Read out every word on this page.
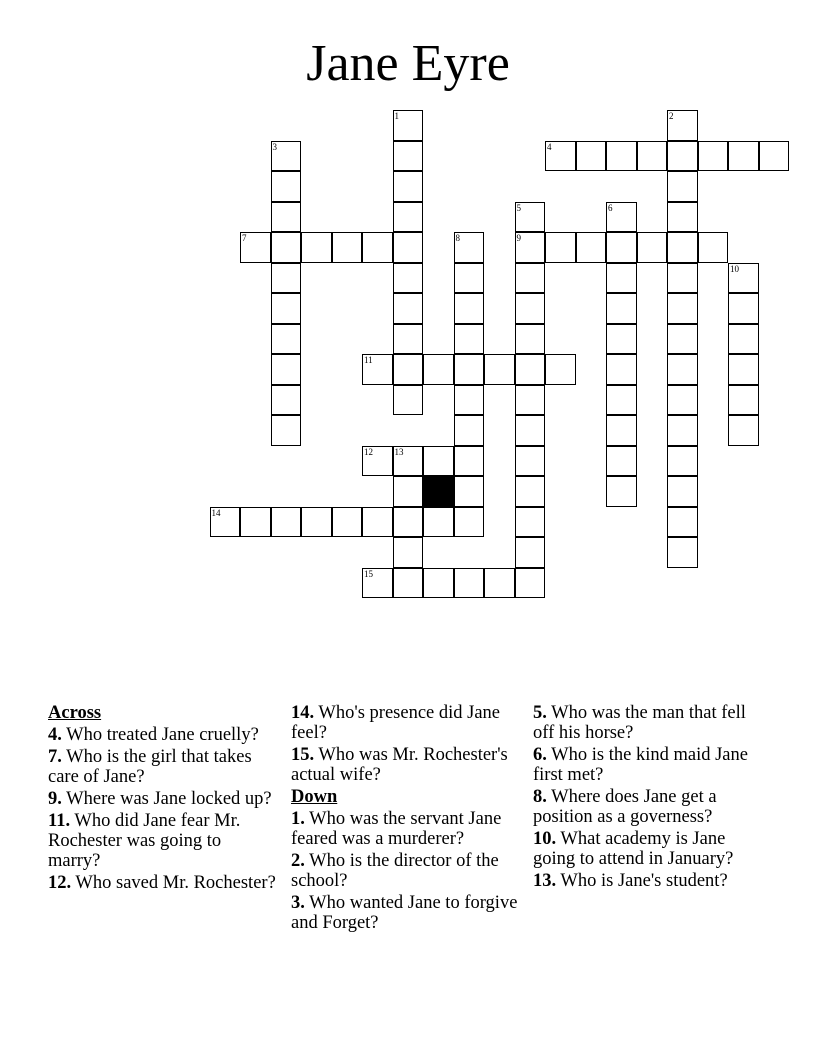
Jane Eyre
1	2
3	4
5
9
6
7	8
10
11
12 13
14
15
Across
4. Who treated Jane cruelly?
7. Who is the girl that takes care of Jane?
9. Where was Jane locked up?
11. Who did Jane fear Mr. Rochester was going to marry?
12. Who saved Mr. Rochester?
14. Who's presence did Jane feel?
15. Who was Mr. Rochester's actual wife?
Down
1. Who was the servant Jane feared was a murderer?
2. Who is the director of the school?
3. Who wanted Jane to forgive and Forget?
5. Who was the man that fell off his horse?
6. Who is the kind maid Jane first met?
8. Where does Jane get a position as a governess?
10. What academy is Jane going to attend in January?
13. Who is Jane's student?
